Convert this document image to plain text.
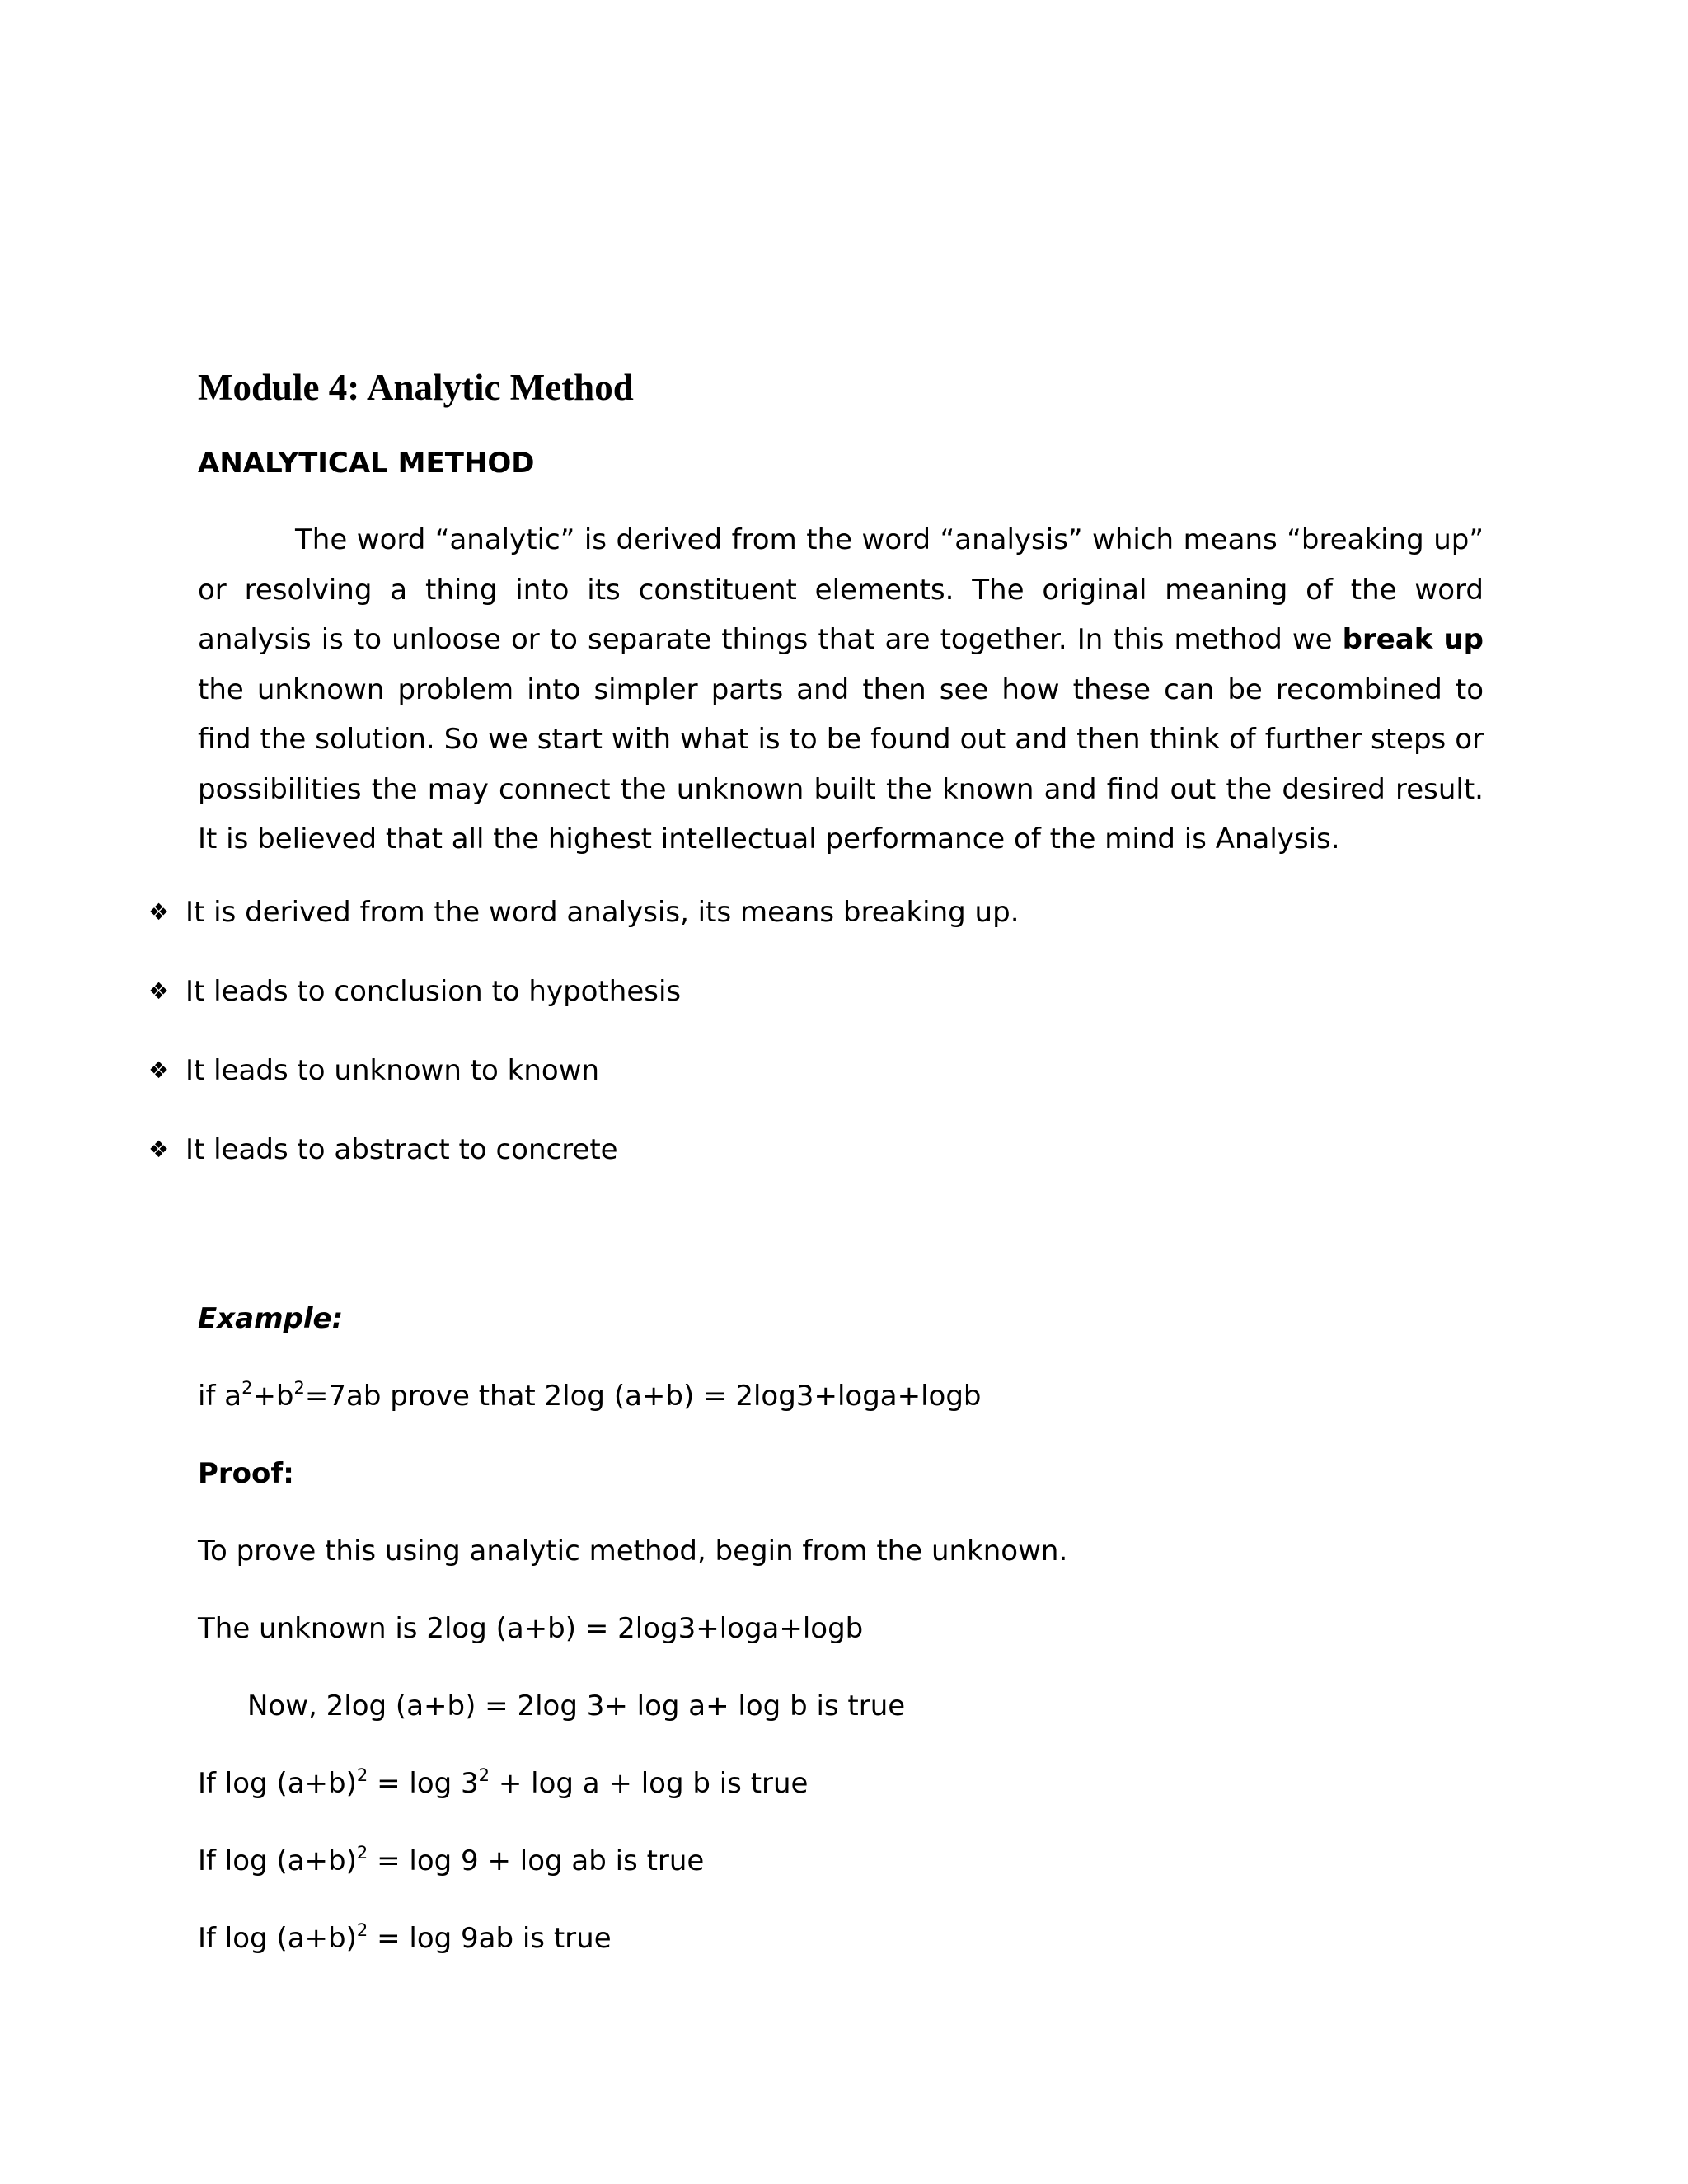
Module 4: Analytic Method
ANALYTICAL METHOD

The word “analytic” is derived from the word “analysis” which means “breaking up” or resolving a thing into its constituent elements. The original meaning of the word analysis is to unloose or to separate things that are together. In this method we break up the unknown problem into simpler parts and then see how these can be recombined to find the solution. So we start with what is to be found out and then think of further steps or possibilities the may connect the unknown built the known and find out the desired result. It is believed that all the highest intellectual performance of the mind is Analysis.

❖ It is derived from the word analysis, its means breaking up.
❖ It leads to conclusion to hypothesis
❖ It leads to unknown to known
❖ It leads to abstract to concrete

Example:

if $a^2+b^2=7ab$ prove that 2log (a+b) = 2log3+loga+logb

Proof:

To prove this using analytic method, begin from the unknown.

The unknown is 2log (a+b) = 2log3+loga+logb

Now, 2log (a+b) = 2log 3+ log a+ log b is true

If $\log (a+b)^2 = \log 3^2 + \log a + \log b$ is true

If $\log (a+b)^2 = \log 9 + \log$ ab is true

If $\log (a+b)^2 = \log 9ab$ is true
